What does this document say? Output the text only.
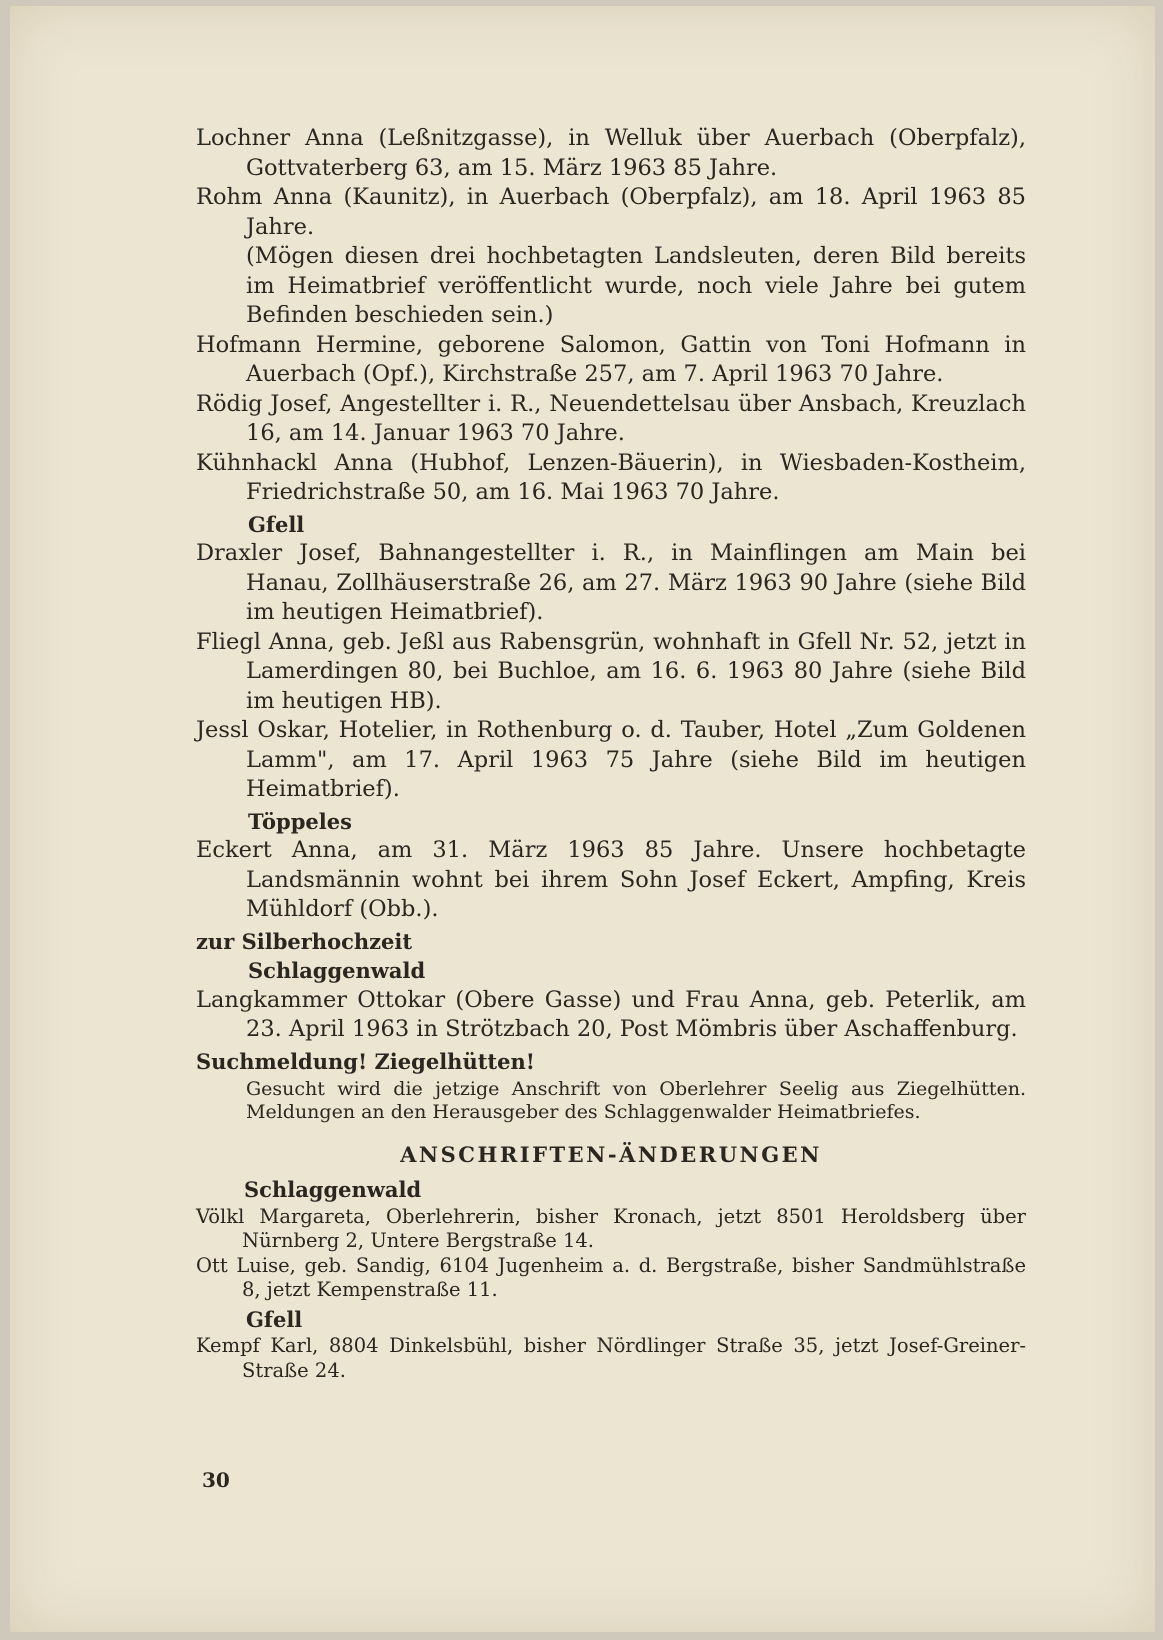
Lochner Anna (Leßnitzgasse), in Welluk über Auerbach (Oberpfalz), Gottvaterberg 63, am 15. März 1963 85 Jahre.

Rohm Anna (Kaunitz), in Auerbach (Oberpfalz), am 18. April 1963 85 Jahre.

(Mögen diesen drei hochbetagten Landsleuten, deren Bild bereits im Heimatbrief veröffentlicht wurde, noch viele Jahre bei gutem Befinden beschieden sein.)

Hofmann Hermine, geborene Salomon, Gattin von Toni Hofmann in Auerbach (Opf.), Kirchstraße 257, am 7. April 1963 70 Jahre.

Rödig Josef, Angestellter i. R., Neuendettelsau über Ansbach, Kreuzlach 16, am 14. Januar 1963 70 Jahre.

Kühnhackl Anna (Hubhof, Lenzen-Bäuerin), in Wiesbaden-Kostheim, Friedrichstraße 50, am 16. Mai 1963 70 Jahre.

Gfell

Draxler Josef, Bahnangestellter i. R., in Mainflingen am Main bei Hanau, Zollhäuserstraße 26, am 27. März 1963 90 Jahre (siehe Bild im heutigen Heimatbrief).

Fliegl Anna, geb. Jeßl aus Rabensgrün, wohnhaft in Gfell Nr. 52, jetzt in Lamerdingen 80, bei Buchloe, am 16. 6. 1963 80 Jahre (siehe Bild im heutigen HB).

Jessl Oskar, Hotelier, in Rothenburg o. d. Tauber, Hotel „Zum Goldenen Lamm", am 17. April 1963 75 Jahre (siehe Bild im heutigen Heimatbrief).

Töppeles

Eckert Anna, am 31. März 1963 85 Jahre. Unsere hochbetagte Landsmännin wohnt bei ihrem Sohn Josef Eckert, Ampfing, Kreis Mühldorf (Obb.).

zur Silberhochzeit

Schlaggenwald

Langkammer Ottokar (Obere Gasse) und Frau Anna, geb. Peterlik, am 23. April 1963 in Strötzbach 20, Post Mömbris über Aschaffenburg.

Suchmeldung! Ziegelhütten!

Gesucht wird die jetzige Anschrift von Oberlehrer Seelig aus Ziegelhütten. Meldungen an den Herausgeber des Schlaggenwalder Heimatbriefes.

ANSCHRIFTEN-ÄNDERUNGEN

Schlaggenwald

Völkl Margareta, Oberlehrerin, bisher Kronach, jetzt 8501 Heroldsberg über Nürnberg 2, Untere Bergstraße 14.

Ott Luise, geb. Sandig, 6104 Jugenheim a. d. Bergstraße, bisher Sandmühlstraße 8, jetzt Kempenstraße 11.

Gfell

Kempf Karl, 8804 Dinkelsbühl, bisher Nördlinger Straße 35, jetzt Josef-Greiner-Straße 24.

30
